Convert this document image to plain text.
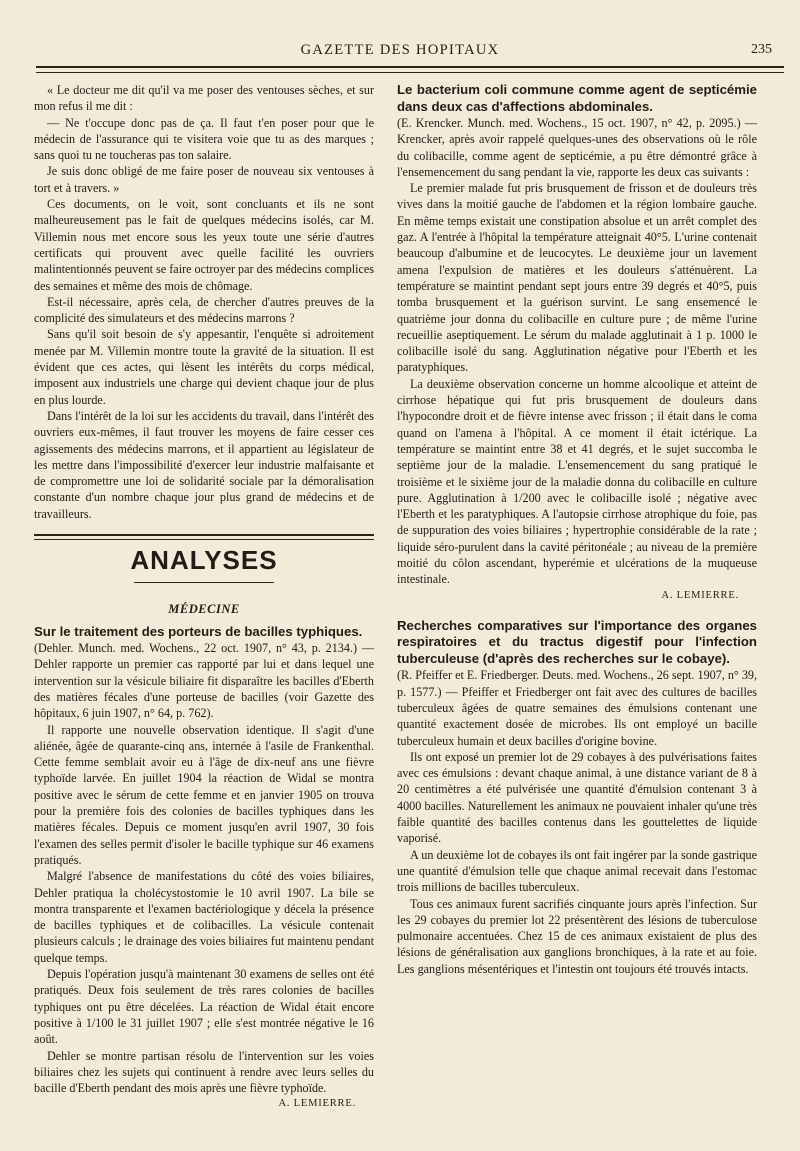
GAZETTE DES HOPITAUX	235

« Le docteur me dit qu'il va me poser des ventouses sèches, et sur mon refus il me dit :

— Ne t'occupe donc pas de ça. Il faut t'en poser pour que le médecin de l'assurance qui te visitera voie que tu as des marques ; sans quoi tu ne toucheras pas ton salaire.

Je suis donc obligé de me faire poser de nouveau six ventouses à tort et à travers. »

Ces documents, on le voit, sont concluants et ils ne sont malheureusement pas le fait de quelques médecins isolés, car M. Villemin nous met encore sous les yeux toute une série d'autres certificats qui prouvent avec quelle facilité les ouvriers malintentionnés peuvent se faire octroyer par des médecins complices des semaines et même des mois de chômage.

Est-il nécessaire, après cela, de chercher d'autres preuves de la complicité des simulateurs et des médecins marrons ?

Sans qu'il soit besoin de s'y appesantir, l'enquête si adroitement menée par M. Villemin montre toute la gravité de la situation. Il est évident que ces actes, qui lèsent les intérêts du corps médical, imposent aux industriels une charge qui devient chaque jour de plus en plus lourde.

Dans l'intérêt de la loi sur les accidents du travail, dans l'intérêt des ouvriers eux-mêmes, il faut trouver les moyens de faire cesser ces agissements des médecins marrons, et il appartient au législateur de les mettre dans l'impossibilité d'exercer leur industrie malfaisante et de compromettre une loi de solidarité sociale par la démoralisation constante d'un nombre chaque jour plus grand de médecins et de travailleurs.

ANALYSES
MÉDECINE
Sur le traitement des porteurs de bacilles typhiques.

(Dehler. Munch. med. Wochens., 22 oct. 1907, n° 43, p. 2134.) — Dehler rapporte un premier cas rapporté par lui et dans lequel une intervention sur la vésicule biliaire fit disparaître les bacilles d'Eberth des matières fécales d'une porteuse de bacilles (voir Gazette des hôpitaux, 6 juin 1907, n° 64, p. 762).

Il rapporte une nouvelle observation identique. Il s'agit d'une aliénée, âgée de quarante-cinq ans, internée à l'asile de Frankenthal. Cette femme semblait avoir eu à l'âge de dix-neuf ans une fièvre typhoïde larvée. En juillet 1904 la réaction de Widal se montra positive avec le sérum de cette femme et en janvier 1905 on trouva pour la première fois des colonies de bacilles typhiques dans les matières fécales. Depuis ce moment jusqu'en avril 1907, 30 fois l'examen des selles permit d'isoler le bacille typhique sur 46 examens pratiqués.

Malgré l'absence de manifestations du côté des voies biliaires, Dehler pratiqua la cholécystostomie le 10 avril 1907. La bile se montra transparente et l'examen bactériologique y décela la présence de bacilles typhiques et de colibacilles. La vésicule contenait plusieurs calculs ; le drainage des voies biliaires fut maintenu pendant quelque temps.

Depuis l'opération jusqu'à maintenant 30 examens de selles ont été pratiqués. Deux fois seulement de très rares colonies de bacilles typhiques ont pu être décelées. La réaction de Widal était encore positive à 1/100 le 31 juillet 1907 ; elle s'est montrée négative le 16 août.

Dehler se montre partisan résolu de l'intervention sur les voies biliaires chez les sujets qui continuent à rendre avec leurs selles du bacille d'Eberth pendant des mois après une fièvre typhoïde.

A. LEMIERRE.
Le bacterium coli commune comme agent de septicémie dans deux cas d'affections abdominales.

(E. Krencker. Munch. med. Wochens., 15 oct. 1907, n° 42, p. 2095.) — Krencker, après avoir rappelé quelques-unes des observations où le rôle du colibacille, comme agent de septicémie, a pu être démontré grâce à l'ensemencement du sang pendant la vie, rapporte les deux cas suivants :

Le premier malade fut pris brusquement de frisson et de douleurs très vives dans la moitié gauche de l'abdomen et la région lombaire gauche. En même temps existait une constipation absolue et un arrêt complet des gaz. A l'entrée à l'hôpital la température atteignait 40°5. L'urine contenait beaucoup d'albumine et de leucocytes. Le deuxième jour un lavement amena l'expulsion de matières et les douleurs s'atténuèrent. La température se maintint pendant sept jours entre 39 degrés et 40°5, puis tomba brusquement et la guérison survint. Le sang ensemencé le quatrième jour donna du colibacille en culture pure ; de même l'urine recueillie aseptiquement. Le sérum du malade agglutinait à 1 p. 1000 le colibacille isolé du sang. Agglutination négative pour l'Eberth et les paratyphiques.

La deuxième observation concerne un homme alcoolique et atteint de cirrhose hépatique qui fut pris brusquement de douleurs dans l'hypocondre droit et de fièvre intense avec frisson ; il était dans le coma quand on l'amena à l'hôpital. A ce moment il était ictérique. La température se maintint entre 38 et 41 degrés, et le sujet succomba le septième jour de la maladie. L'ensemencement du sang pratiqué le troisième et le sixième jour de la maladie donna du colibacille en culture pure. Agglutination à 1/200 avec le colibacille isolé ; négative avec l'Eberth et les paratyphiques. A l'autopsie cirrhose atrophique du foie, pas de suppuration des voies biliaires ; hypertrophie considérable de la rate ; liquide séro-purulent dans la cavité péritonéale ; au niveau de la première moitié du côlon ascendant, hyperémie et ulcérations de la muqueuse intestinale.

A. LEMIERRE.
Recherches comparatives sur l'importance des organes respiratoires et du tractus digestif pour l'infection tuberculeuse (d'après des recherches sur le cobaye).

(R. Pfeiffer et E. Friedberger. Deuts. med. Wochens., 26 sept. 1907, n° 39, p. 1577.) — Pfeiffer et Friedberger ont fait avec des cultures de bacilles tuberculeux âgées de quatre semaines des émulsions contenant une quantité exactement dosée de microbes. Ils ont employé un bacille tuberculeux humain et deux bacilles d'origine bovine.

Ils ont exposé un premier lot de 29 cobayes à des pulvérisations faites avec ces émulsions : devant chaque animal, à une distance variant de 8 à 20 centimètres a été pulvérisée une quantité d'émulsion contenant 3 à 4000 bacilles. Naturellement les animaux ne pouvaient inhaler qu'une très faible quantité des bacilles contenus dans les gouttelettes de liquide vaporisé.

A un deuxième lot de cobayes ils ont fait ingérer par la sonde gastrique une quantité d'émulsion telle que chaque animal recevait dans l'estomac trois millions de bacilles tuberculeux.

Tous ces animaux furent sacrifiés cinquante jours après l'infection. Sur les 29 cobayes du premier lot 22 présentèrent des lésions de tuberculose pulmonaire accentuées. Chez 15 de ces animaux existaient de plus des lésions de généralisation aux ganglions bronchiques, à la rate et au foie. Les ganglions mésentériques et l'intestin ont toujours été trouvés intacts.
